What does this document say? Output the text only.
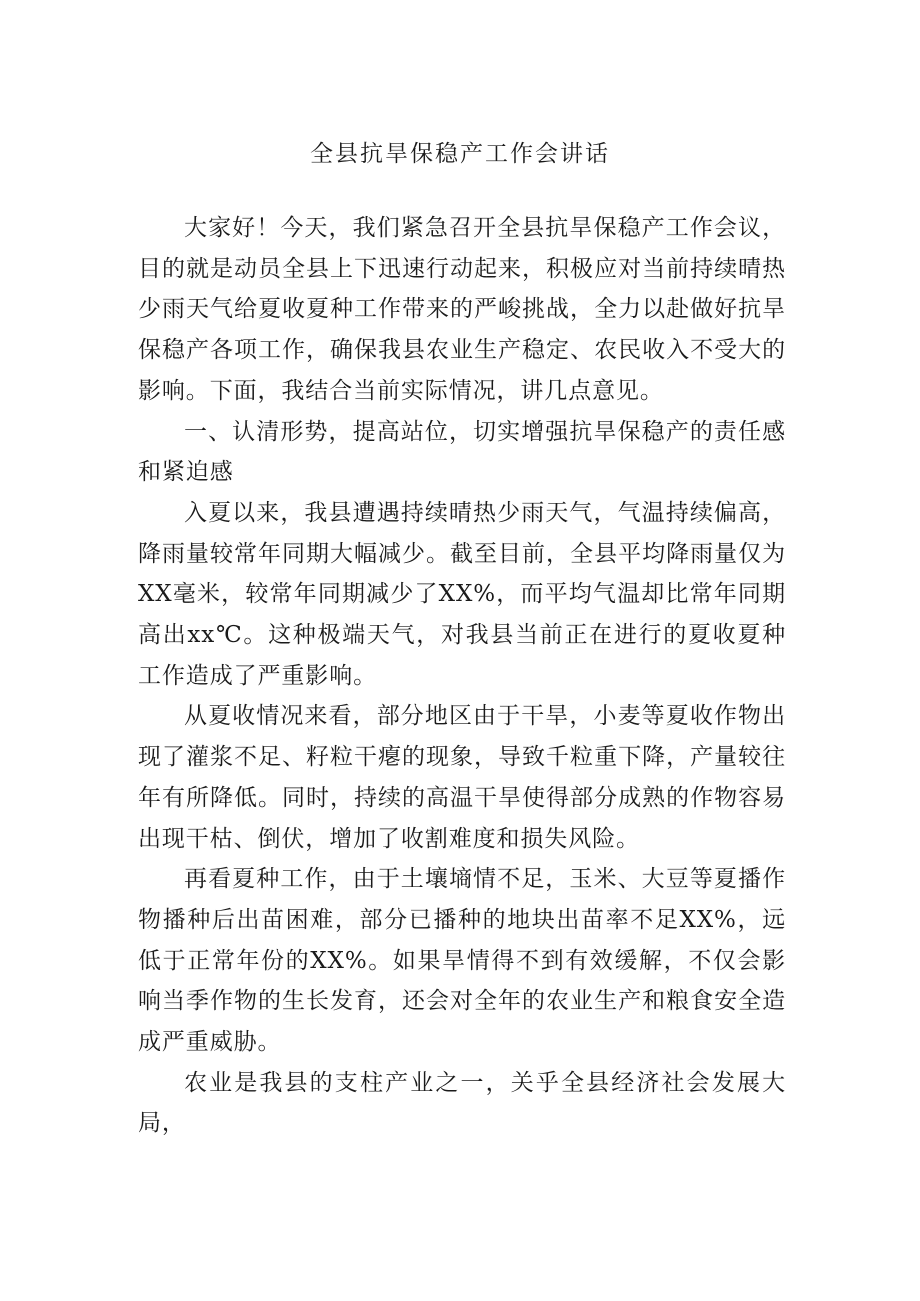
全县抗旱保稳产工作会讲话

大家好！今天，我们紧急召开全县抗旱保稳产工作会议，目的就是动员全县上下迅速行动起来，积极应对当前持续晴热少雨天气给夏收夏种工作带来的严峻挑战，全力以赴做好抗旱保稳产各项工作，确保我县农业生产稳定、农民收入不受大的影响。下面，我结合当前实际情况，讲几点意见。

一、认清形势，提高站位，切实增强抗旱保稳产的责任感和紧迫感

入夏以来，我县遭遇持续晴热少雨天气，气温持续偏高，降雨量较常年同期大幅减少。截至目前，全县平均降雨量仅为XX毫米，较常年同期减少了XX%，而平均气温却比常年同期高出xx℃。这种极端天气，对我县当前正在进行的夏收夏种工作造成了严重影响。

从夏收情况来看，部分地区由于干旱，小麦等夏收作物出现了灌浆不足、籽粒干瘪的现象，导致千粒重下降，产量较往年有所降低。同时，持续的高温干旱使得部分成熟的作物容易出现干枯、倒伏，增加了收割难度和损失风险。

再看夏种工作，由于土壤墒情不足，玉米、大豆等夏播作物播种后出苗困难，部分已播种的地块出苗率不足XX%，远低于正常年份的XX%。如果旱情得不到有效缓解，不仅会影响当季作物的生长发育，还会对全年的农业生产和粮食安全造成严重威胁。

农业是我县的支柱产业之一，关乎全县经济社会发展大局，
